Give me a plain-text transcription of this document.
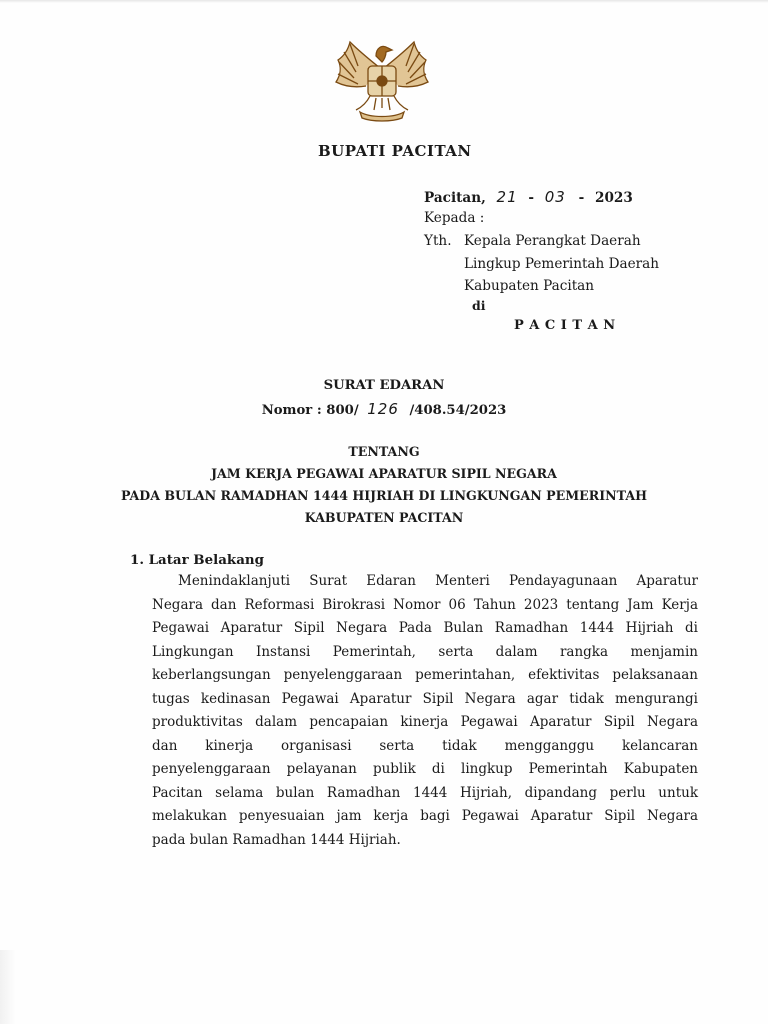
BUPATI PACITAN
Pacitan, 21 - 03 - 2023
Kepada :
Yth. Kepala Perangkat Daerah
Lingkup Pemerintah Daerah
Kabupaten Pacitan
di
P A C I T A N
SURAT EDARAN
Nomor : 800/ 126 /408.54/2023
TENTANG
JAM KERJA PEGAWAI APARATUR SIPIL NEGARA
PADA BULAN RAMADHAN 1444 HIJRIAH DI LINGKUNGAN PEMERINTAH
KABUPATEN PACITAN
1. Latar Belakang
Menindaklanjuti Surat Edaran Menteri Pendayagunaan Aparatur
Negara dan Reformasi Birokrasi Nomor 06 Tahun 2023 tentang Jam Kerja
Pegawai Aparatur Sipil Negara Pada Bulan Ramadhan 1444 Hijriah di
Lingkungan Instansi Pemerintah, serta dalam rangka menjamin
keberlangsungan penyelenggaraan pemerintahan, efektivitas pelaksanaan
tugas kedinasan Pegawai Aparatur Sipil Negara agar tidak mengurangi
produktivitas dalam pencapaian kinerja Pegawai Aparatur Sipil Negara
dan kinerja organisasi serta tidak mengganggu kelancaran
penyelenggaraan pelayanan publik di lingkup Pemerintah Kabupaten
Pacitan selama bulan Ramadhan 1444 Hijriah, dipandang perlu untuk
melakukan penyesuaian jam kerja bagi Pegawai Aparatur Sipil Negara
pada bulan Ramadhan 1444 Hijriah.
